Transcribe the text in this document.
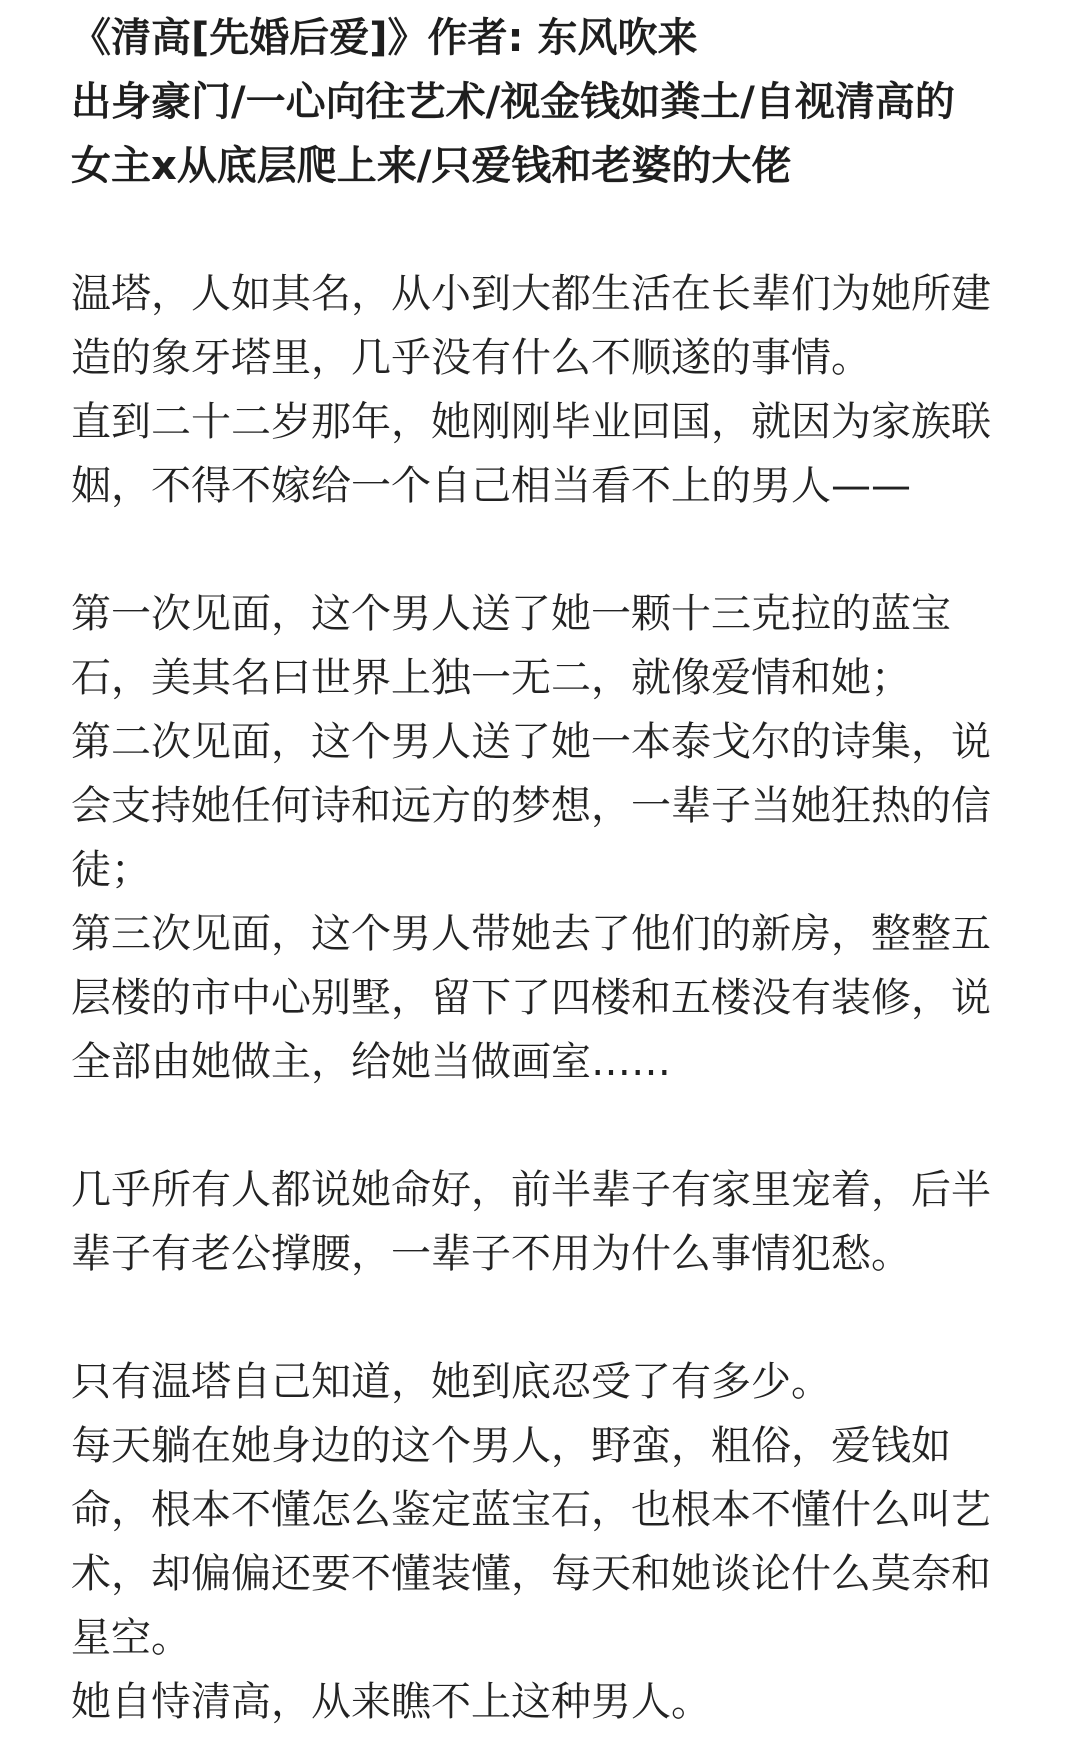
《清高[先婚后爱]》作者: 东风吹来
出身豪门/一心向往艺术/视金钱如粪土/自视清高的
女主x从底层爬上来/只爱钱和老婆的大佬
温塔，人如其名，从小到大都生活在长辈们为她所建
造的象牙塔里，几乎没有什么不顺遂的事情。
直到二十二岁那年，她刚刚毕业回国，就因为家族联
姻，不得不嫁给一个自己相当看不上的男人——
第一次见面，这个男人送了她一颗十三克拉的蓝宝
石，美其名曰世界上独一无二，就像爱情和她；
第二次见面，这个男人送了她一本泰戈尔的诗集，说
会支持她任何诗和远方的梦想，一辈子当她狂热的信
徒；
第三次见面，这个男人带她去了他们的新房，整整五
层楼的市中心别墅，留下了四楼和五楼没有装修，说
全部由她做主，给她当做画室……
几乎所有人都说她命好，前半辈子有家里宠着，后半
辈子有老公撑腰，一辈子不用为什么事情犯愁。
只有温塔自己知道，她到底忍受了有多少。
每天躺在她身边的这个男人，野蛮，粗俗，爱钱如
命，根本不懂怎么鉴定蓝宝石，也根本不懂什么叫艺
术，却偏偏还要不懂装懂，每天和她谈论什么莫奈和
星空。
她自恃清高，从来瞧不上这种男人。
